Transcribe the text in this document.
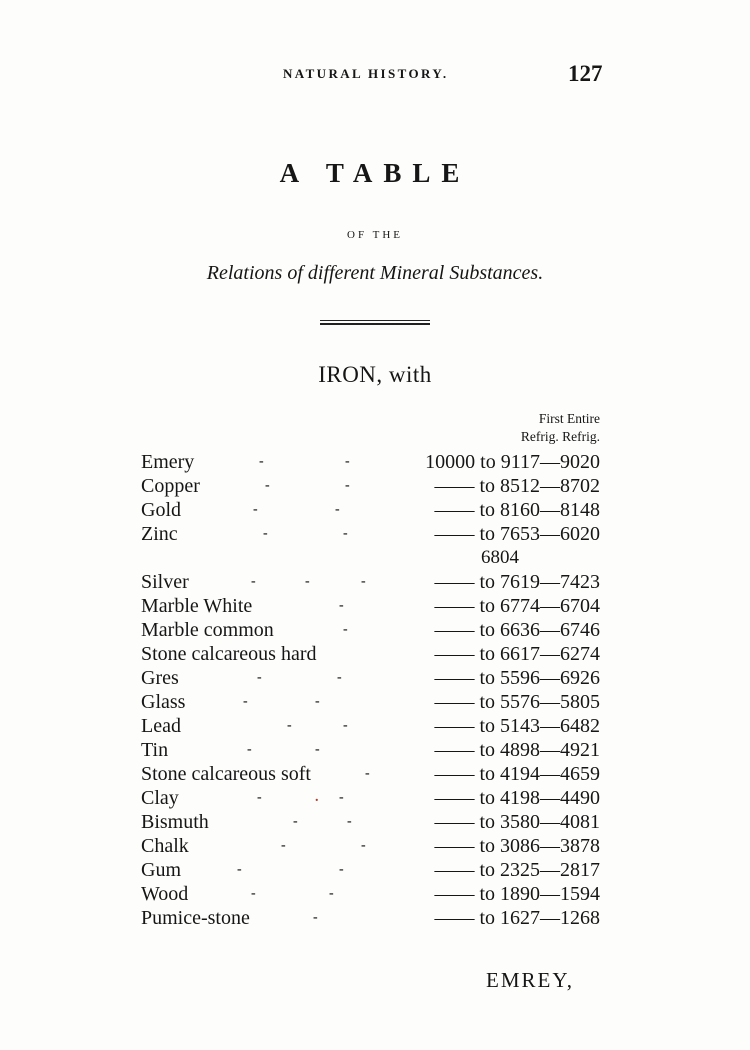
NATURAL HISTORY.	127
A TABLE
OF THE
Relations of different Mineral Substances.
IRON, with
First Entire
Refrig. Refrig.
Emery	-	-	10000 to 9117—9020
Copper	-	-	—— to 8512—8702
Gold	-	-	—— to 8160—8148
Zinc	-	-	—— to 7653—6020
6804
Silver	-	-	-	—— to 7619—7423
Marble White	-	—— to 6774—6704
Marble common	-	—— to 6636—6746
Stone calcareous hard	—— to 6617—6274
Gres	-	-	—— to 5596—6926
Glass	-	-	—— to 5576—5805
Lead	-	-	—— to 5143—6482
Tin	-	-	—— to 4898—4921
Stone calcareous soft	-	—— to 4194—4659
Clay	-	. -	—— to 4198—4490
Bismuth	-	-	—— to 3580—4081
Chalk	-	-	—— to 3086—3878
Gum	-	-	—— to 2325—2817
Wood	-	-	—— to 1890—1594
Pumice-stone	-	—— to 1627—1268
EMREY,
